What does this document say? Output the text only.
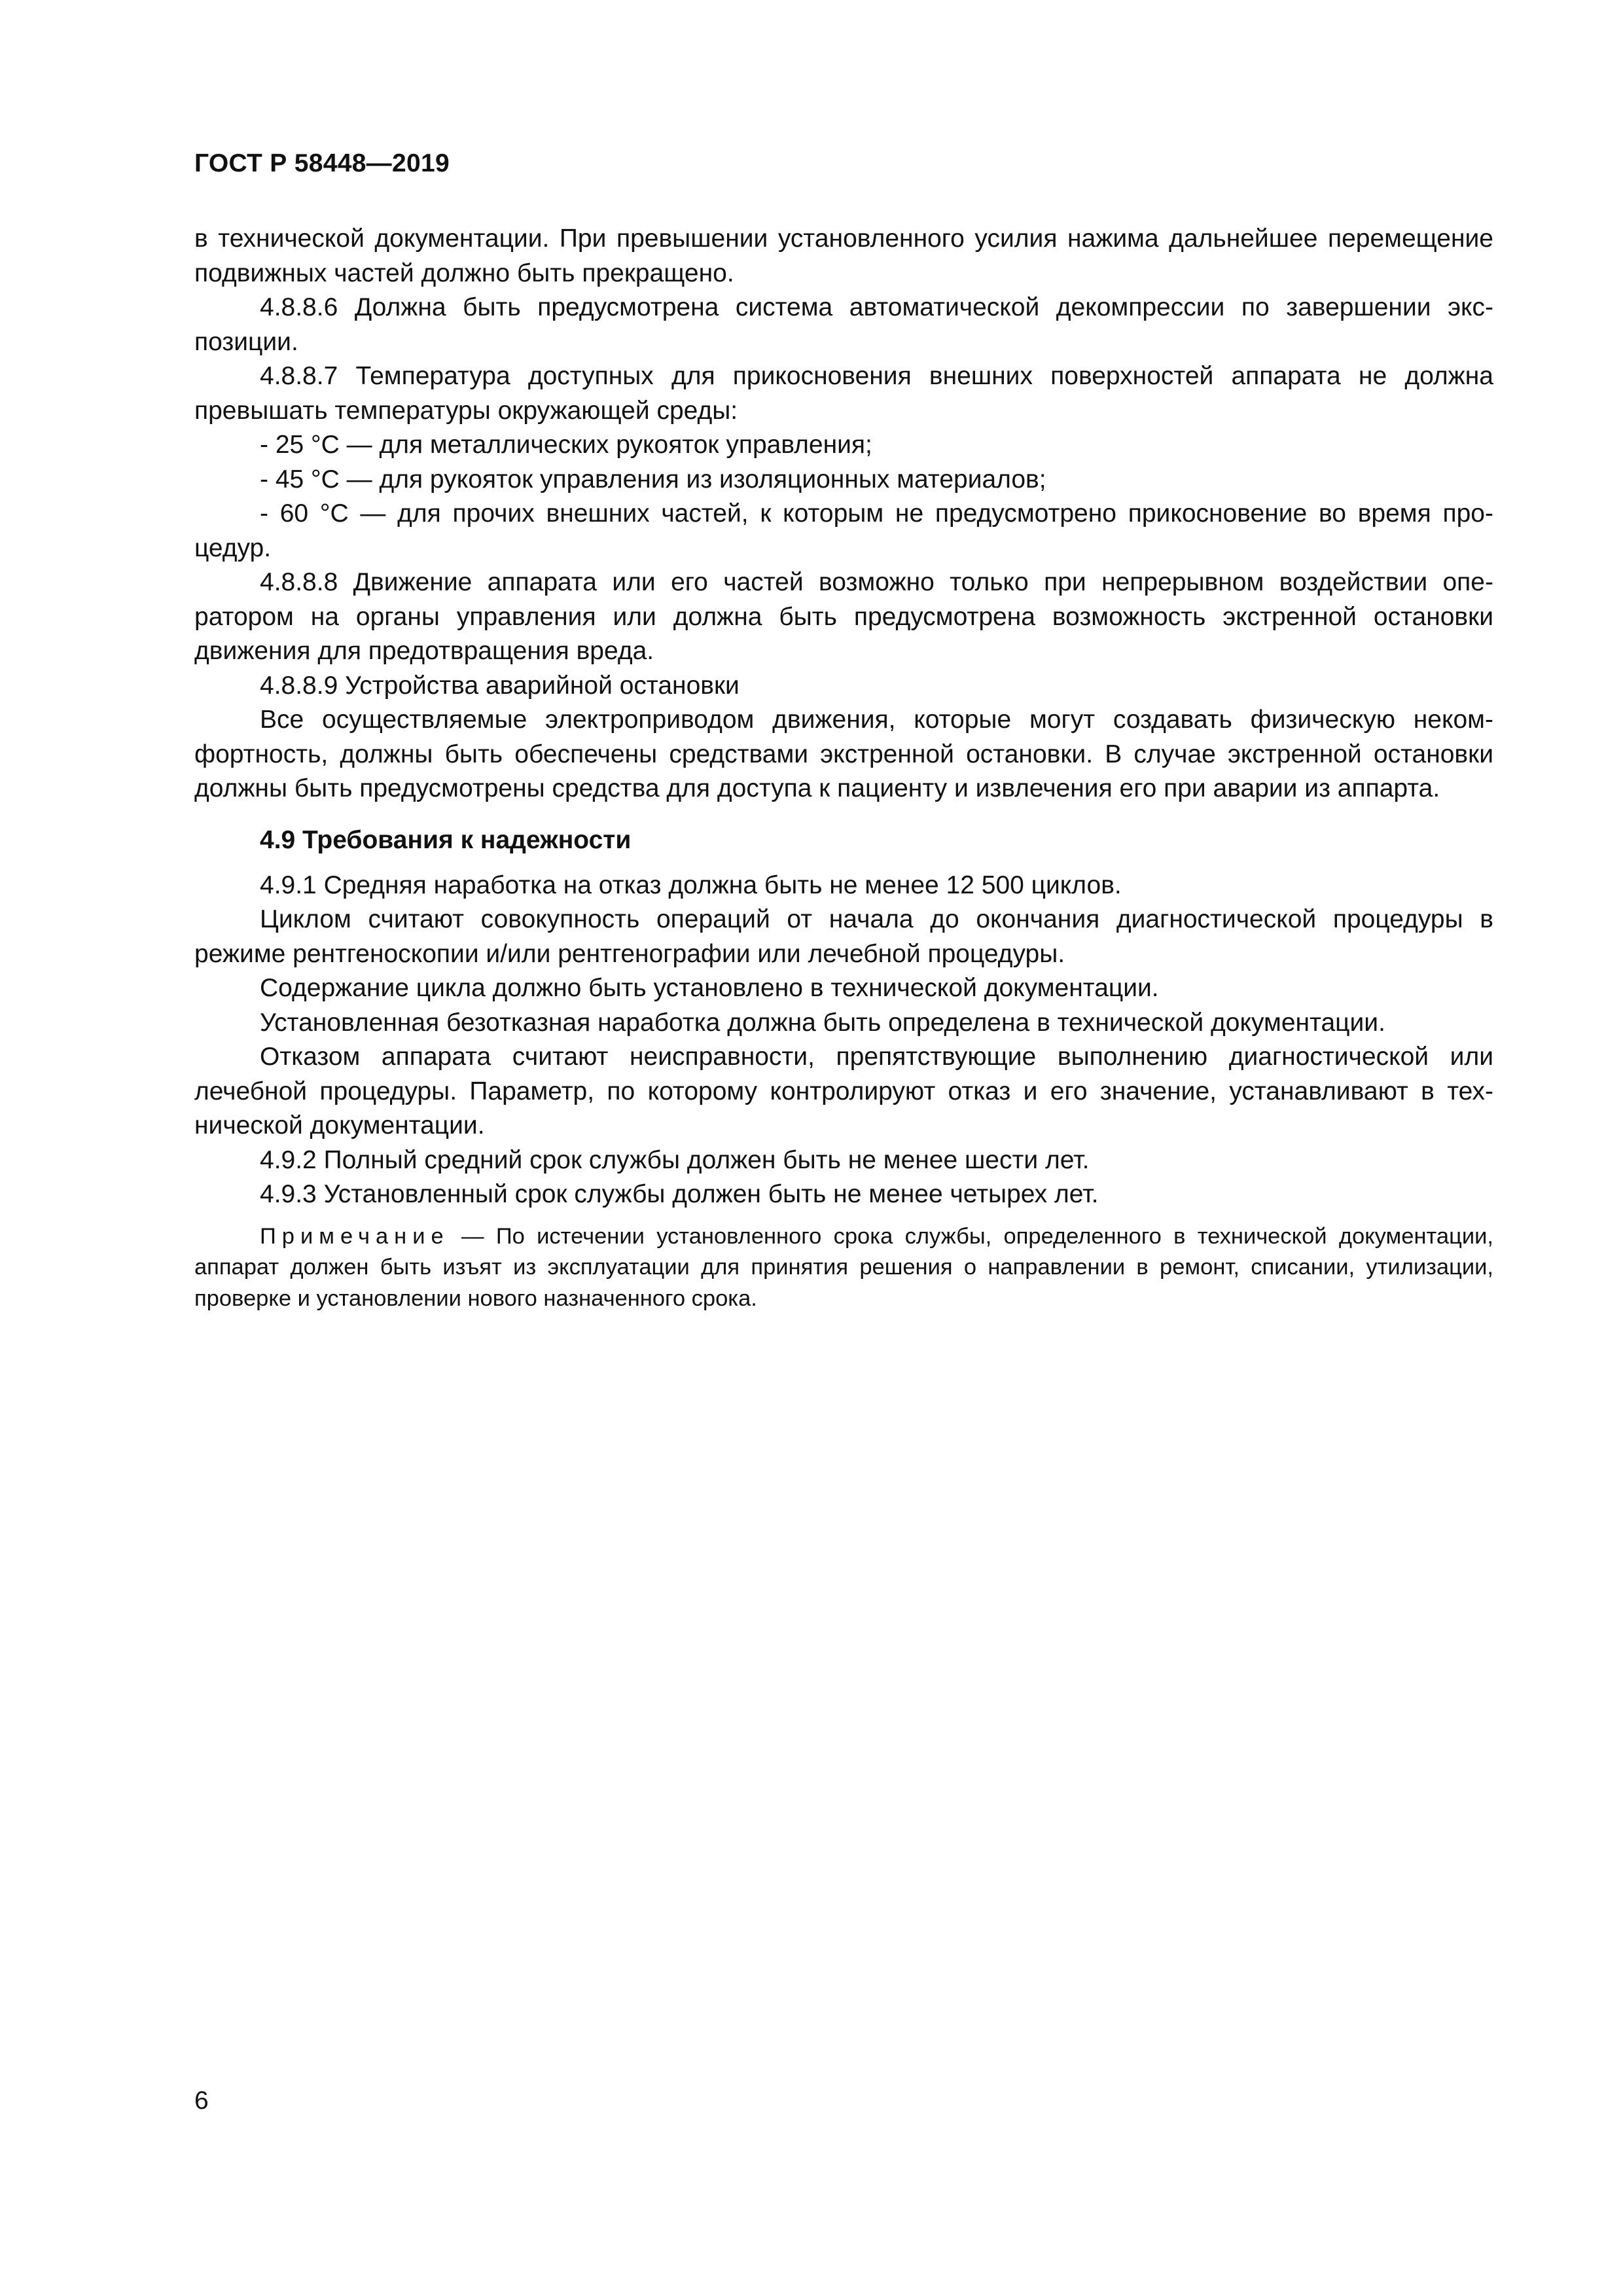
ГОСТ Р 58448—2019

в технической документации. При превышении установленного усилия нажима дальнейшее перемещение подвижных частей должно быть прекращено.

4.8.8.6 Должна быть предусмотрена система автоматической декомпрессии по завершении экспозиции.

4.8.8.7 Температура доступных для прикосновения внешних поверхностей аппарата не должна превышать температуры окружающей среды:

- 25 °С — для металлических рукояток управления;

- 45 °С — для рукояток управления из изоляционных материалов;

- 60 °С — для прочих внешних частей, к которым не предусмотрено прикосновение во время процедур.

4.8.8.8 Движение аппарата или его частей возможно только при непрерывном воздействии оператором на органы управления или должна быть предусмотрена возможность экстренной остановки движения для предотвращения вреда.

4.8.8.9 Устройства аварийной остановки

Все осуществляемые электроприводом движения, которые могут создавать физическую некомфортность, должны быть обеспечены средствами экстренной остановки. В случае экстренной остановки должны быть предусмотрены средства для доступа к пациенту и извлечения его при аварии из аппарта.

4.9 Требования к надежности

4.9.1 Средняя наработка на отказ должна быть не менее 12 500 циклов.

Циклом считают совокупность операций от начала до окончания диагностической процедуры в режиме рентгеноскопии и/или рентгенографии или лечебной процедуры.

Содержание цикла должно быть установлено в технической документации.

Установленная безотказная наработка должна быть определена в технической документации.

Отказом аппарата считают неисправности, препятствующие выполнению диагностической или лечебной процедуры. Параметр, по которому контролируют отказ и его значение, устанавливают в технической документации.

4.9.2 Полный средний срок службы должен быть не менее шести лет.

4.9.3 Установленный срок службы должен быть не менее четырех лет.

Примечание — По истечении установленного срока службы, определенного в технической документации, аппарат должен быть изъят из эксплуатации для принятия решения о направлении в ремонт, списании, утилизации, проверке и установлении нового назначенного срока.

6
